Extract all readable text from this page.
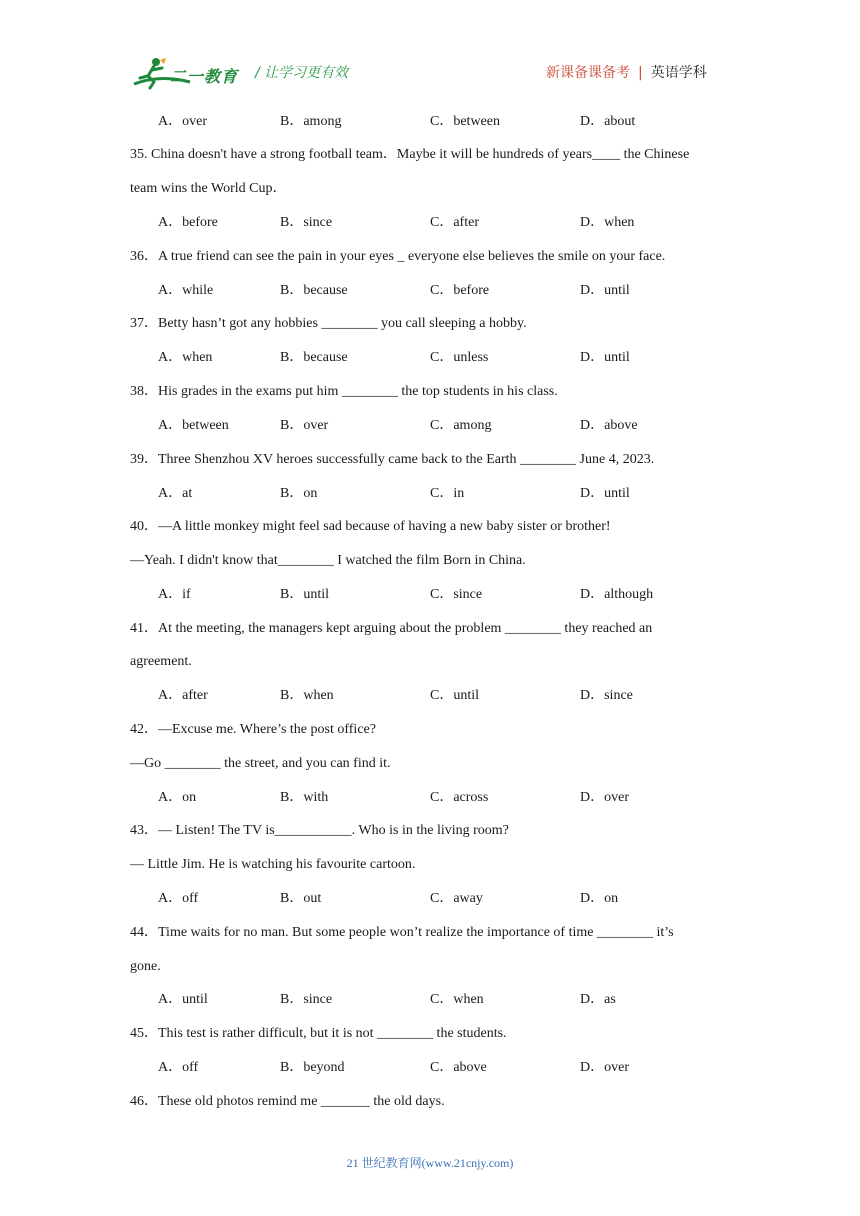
二一教育 / 让学习更有效	新课备课备考 | 英语学科
A．over	B．among	C．between	D．about
35. China doesn't have a strong football team．Maybe it will be hundreds of years____ the Chinese
team wins the World Cup．
A．before	B．since	C．after	D．when
36．A true friend can see the pain in your eyes _ everyone else believes the smile on your face.
A．while	B．because	C．before	D．until
37．Betty hasn’t got any hobbies ________ you call sleeping a hobby.
A．when	B．because	C．unless	D．until
38．His grades in the exams put him ________ the top students in his class.
A．between	B．over	C．among	D．above
39．Three Shenzhou XV heroes successfully came back to the Earth ________ June 4, 2023.
A．at	B．on	C．in	D．until
40．—A little monkey might feel sad because of having a new baby sister or brother!
—Yeah. I didn't know that________ I watched the film Born in China.
A．if	B．until	C．since	D．although
41．At the meeting, the managers kept arguing about the problem ________ they reached an
agreement.
A．after	B．when	C．until	D．since
42．—Excuse me. Where’s the post office?
—Go ________ the street, and you can find it.
A．on	B．with	C．across	D．over
43．— Listen! The TV is___________. Who is in the living room?
— Little Jim. He is watching his favourite cartoon.
A．off	B．out	C．away	D．on
44．Time waits for no man. But some people won’t realize the importance of time ________ it’s
gone.
A．until	B．since	C．when	D．as
45．This test is rather difficult, but it is not ________ the students.
A．off	B．beyond	C．above	D．over
46．These old photos remind me _______ the old days.
21 世纪教育网(www.21cnjy.com)
